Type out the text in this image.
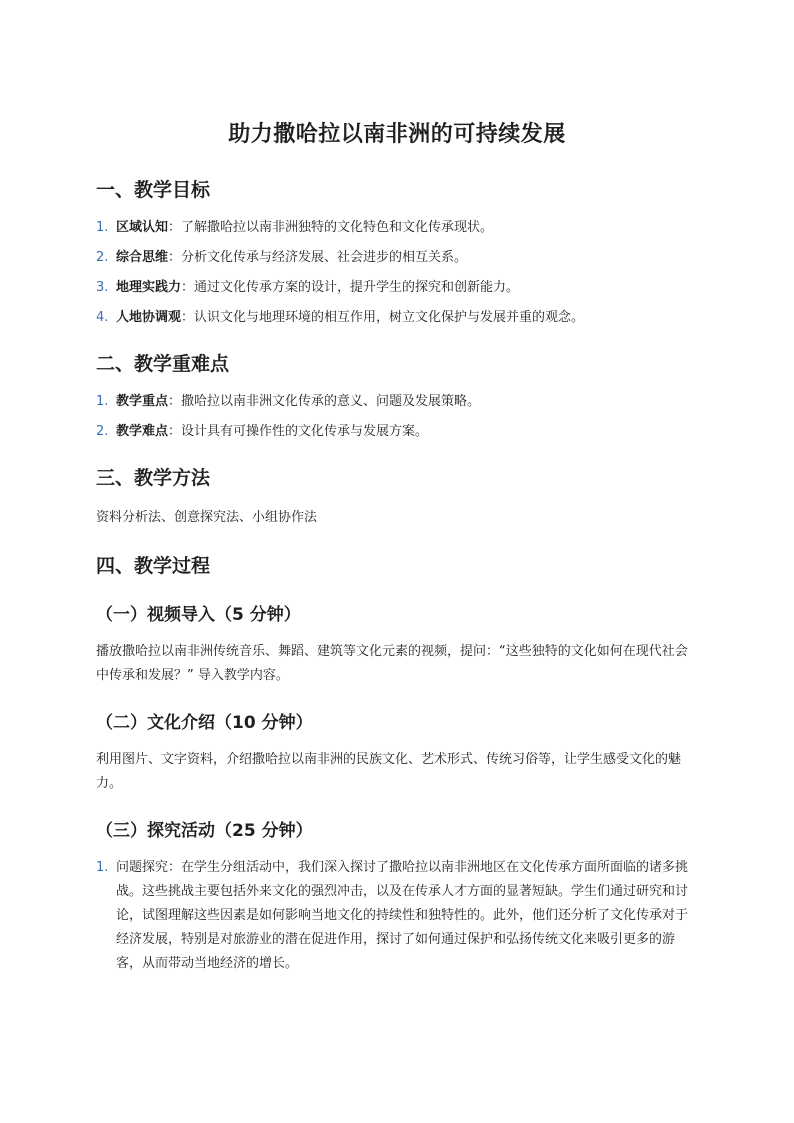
助力撒哈拉以南非洲的可持续发展
一、教学目标
1. 区域认知：了解撒哈拉以南非洲独特的文化特色和文化传承现状。
2. 综合思维：分析文化传承与经济发展、社会进步的相互关系。
3. 地理实践力：通过文化传承方案的设计，提升学生的探究和创新能力。
4. 人地协调观：认识文化与地理环境的相互作用，树立文化保护与发展并重的观念。
二、教学重难点
1. 教学重点：撒哈拉以南非洲文化传承的意义、问题及发展策略。
2. 教学难点：设计具有可操作性的文化传承与发展方案。
三、教学方法

资料分析法、创意探究法、小组协作法

四、教学过程
（一）视频导入（5 分钟）

播放撒哈拉以南非洲传统音乐、舞蹈、建筑等文化元素的视频，提问：“这些独特的文化如何在现代社会中传承和发展？” 导入教学内容。

（二）文化介绍（10 分钟）

利用图片、文字资料，介绍撒哈拉以南非洲的民族文化、艺术形式、传统习俗等，让学生感受文化的魅力。

（三）探究活动（25 分钟）
1. 问题探究：在学生分组活动中，我们深入探讨了撒哈拉以南非洲地区在文化传承方面所面临的诸多挑战。这些挑战主要包括外来文化的强烈冲击，以及在传承人才方面的显著短缺。学生们通过研究和讨论，试图理解这些因素是如何影响当地文化的持续性和独特性的。此外，他们还分析了文化传承对于经济发展，特别是对旅游业的潜在促进作用，探讨了如何通过保护和弘扬传统文化来吸引更多的游客，从而带动当地经济的增长。
